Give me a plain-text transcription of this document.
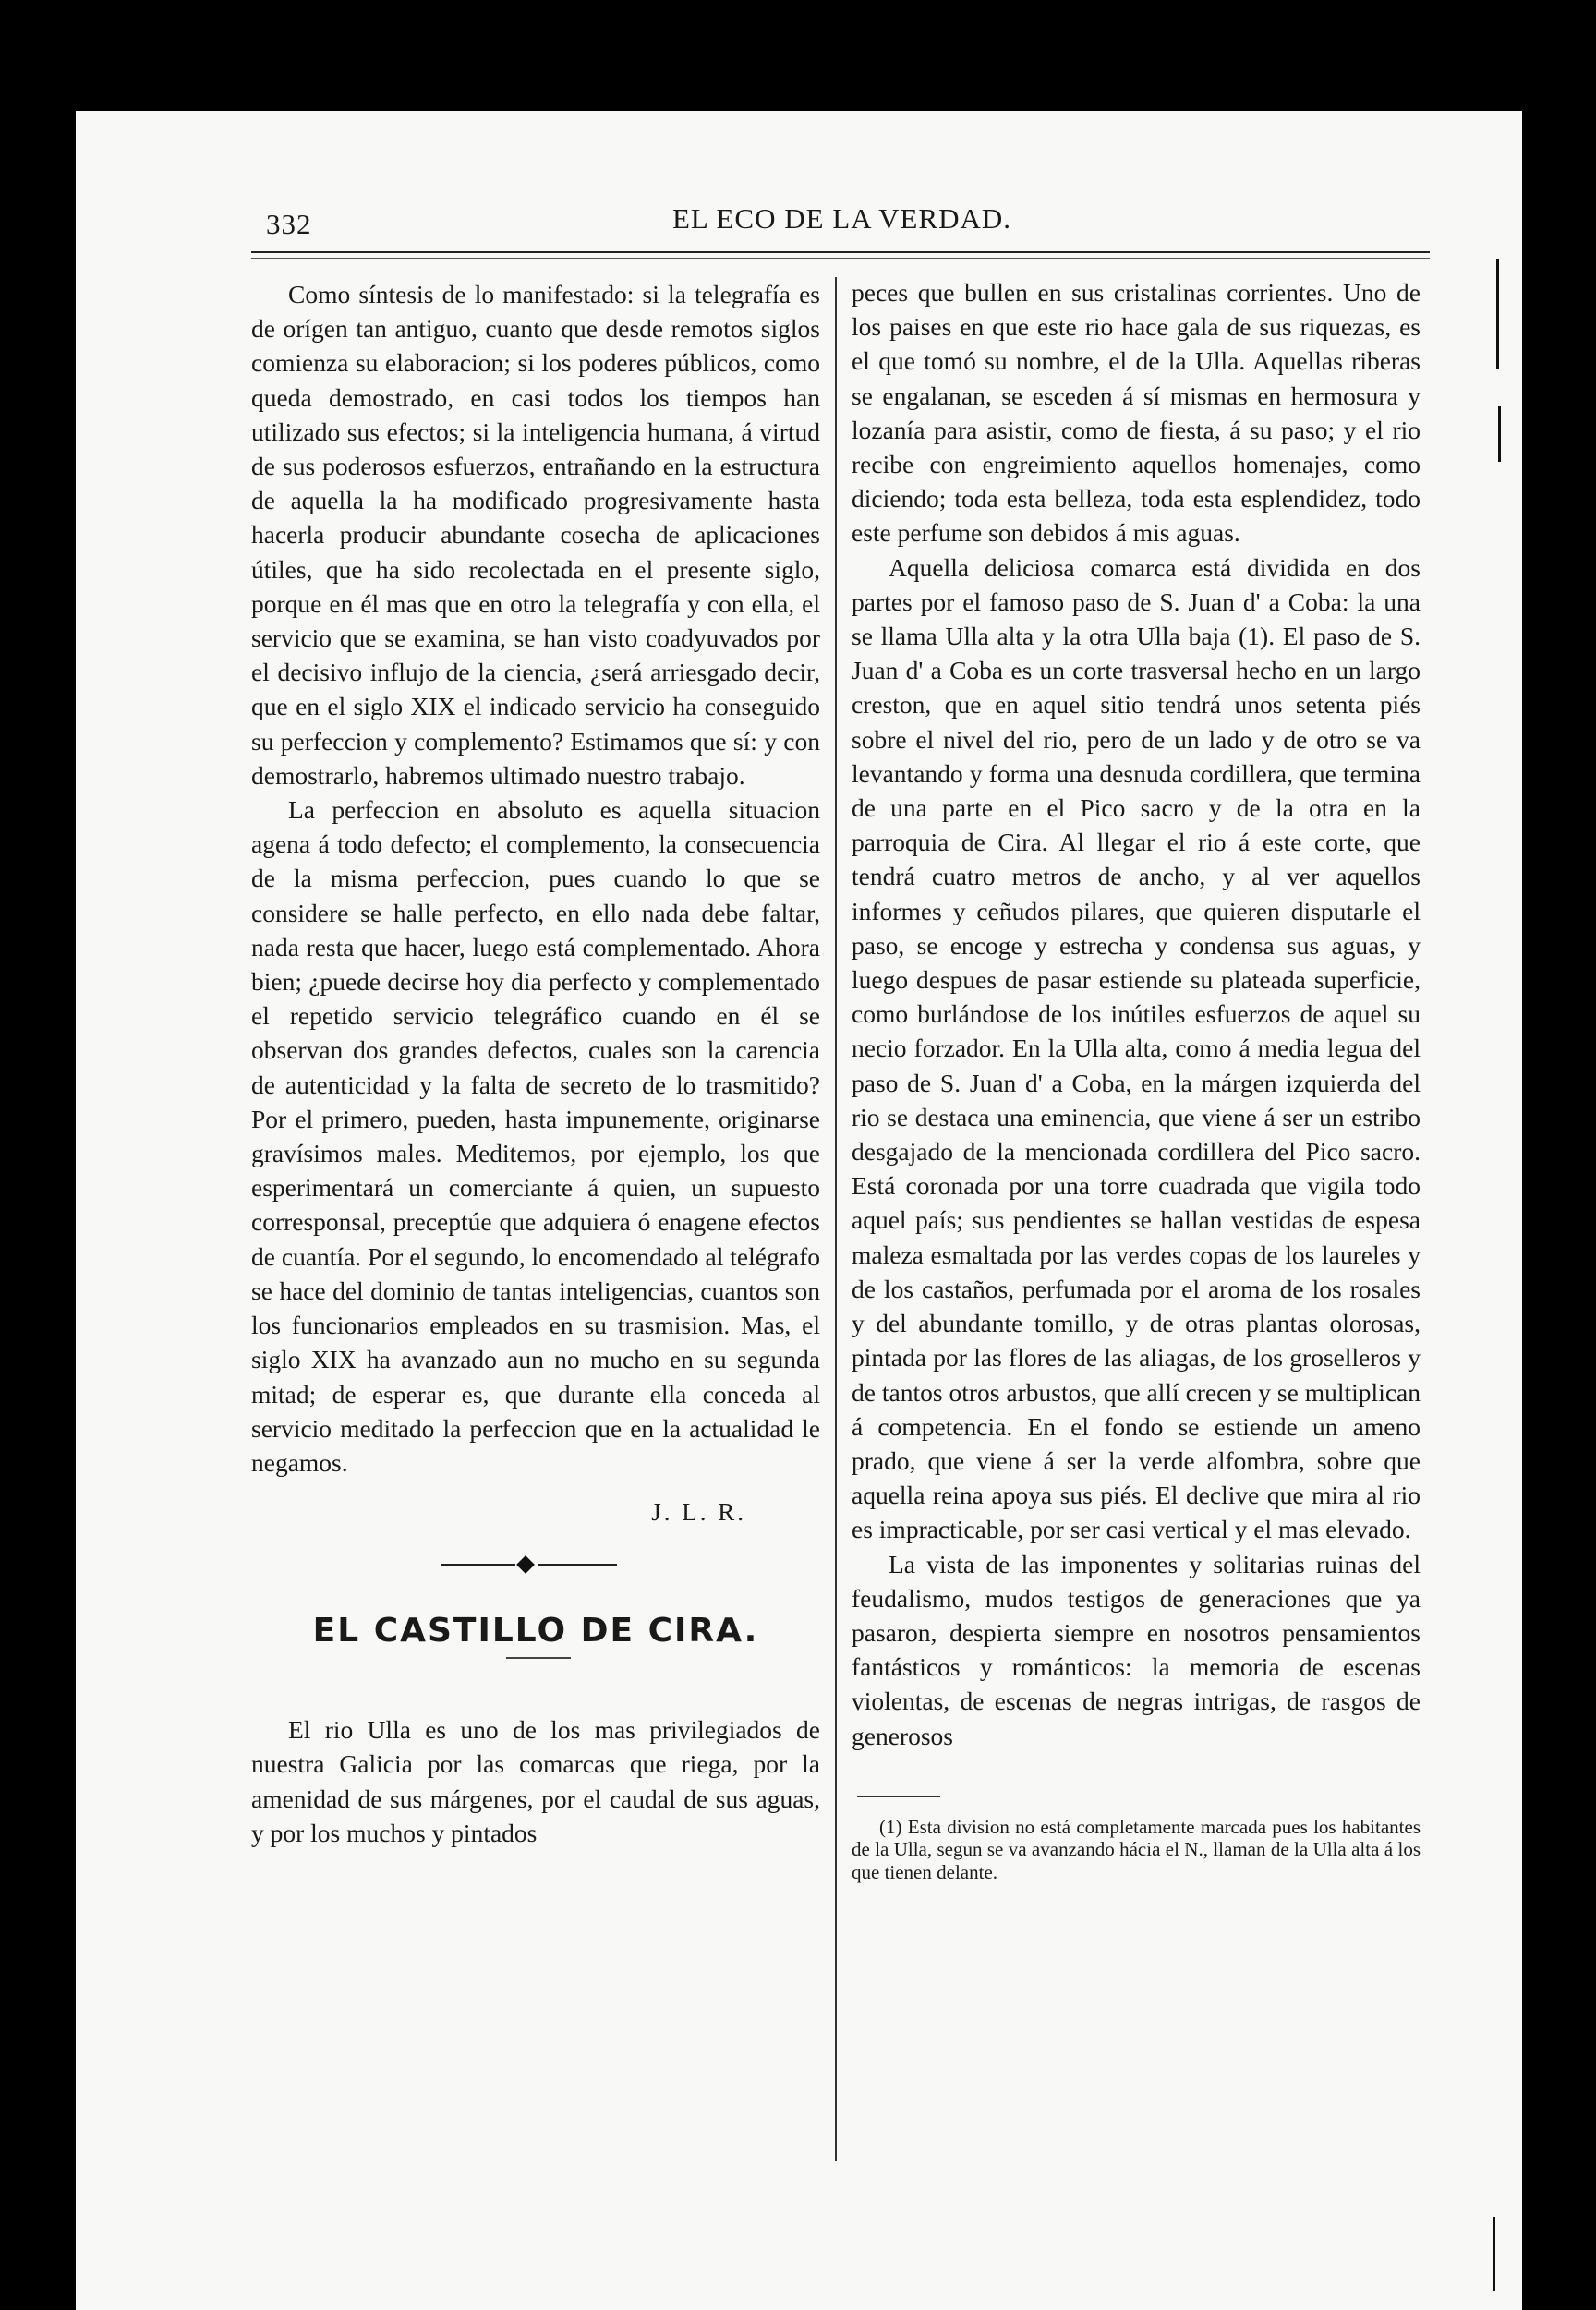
332	EL ECO DE LA VERDAD.

Como síntesis de lo manifestado: si la telegrafía es de orígen tan antiguo, cuanto que desde remotos siglos comienza su elaboracion; si los poderes públicos, como queda demostrado, en casi todos los tiempos han utilizado sus efectos; si la inteligencia humana, á virtud de sus poderosos esfuerzos, entrañando en la estructura de aquella la ha modificado progresivamente hasta hacerla producir abundante cosecha de aplicaciones útiles, que ha sido recolectada en el presente siglo, porque en él mas que en otro la telegrafía y con ella, el servicio que se examina, se han visto coadyuvados por el decisivo influjo de la ciencia, ¿será arriesgado decir, que en el siglo XIX el indicado servicio ha conseguido su perfeccion y complemento? Estimamos que sí: y con demostrarlo, habremos ultimado nuestro trabajo.

La perfeccion en absoluto es aquella situacion agena á todo defecto; el complemento, la consecuencia de la misma perfeccion, pues cuando lo que se considere se halle perfecto, en ello nada debe faltar, nada resta que hacer, luego está complementado. Ahora bien; ¿puede decirse hoy dia perfecto y complementado el repetido servicio telegráfico cuando en él se observan dos grandes defectos, cuales son la carencia de autenticidad y la falta de secreto de lo trasmitido? Por el primero, pueden, hasta impunemente, originarse gravísimos males. Meditemos, por ejemplo, los que esperimentará un comerciante á quien, un supuesto corresponsal, preceptúe que adquiera ó enagene efectos de cuantía. Por el segundo, lo encomendado al telégrafo se hace del dominio de tantas inteligencias, cuantos son los funcionarios empleados en su trasmision. Mas, el siglo XIX ha avanzado aun no mucho en su segunda mitad; de esperar es, que durante ella conceda al servicio meditado la perfeccion que en la actualidad le negamos.

J. L. R.
EL CASTILLO DE CIRA.

El rio Ulla es uno de los mas privilegiados de nuestra Galicia por las comarcas que riega, por la amenidad de sus márgenes, por el caudal de sus aguas, y por los muchos y pintados

peces que bullen en sus cristalinas corrientes. Uno de los paises en que este rio hace gala de sus riquezas, es el que tomó su nombre, el de la Ulla. Aquellas riberas se engalanan, se esceden á sí mismas en hermosura y lozanía para asistir, como de fiesta, á su paso; y el rio recibe con engreimiento aquellos homenajes, como diciendo; toda esta belleza, toda esta esplendidez, todo este perfume son debidos á mis aguas.

Aquella deliciosa comarca está dividida en dos partes por el famoso paso de S. Juan d' a Coba: la una se llama Ulla alta y la otra Ulla baja (1). El paso de S. Juan d' a Coba es un corte trasversal hecho en un largo creston, que en aquel sitio tendrá unos setenta piés sobre el nivel del rio, pero de un lado y de otro se va levantando y forma una desnuda cordillera, que termina de una parte en el Pico sacro y de la otra en la parroquia de Cira. Al llegar el rio á este corte, que tendrá cuatro metros de ancho, y al ver aquellos informes y ceñudos pilares, que quieren disputarle el paso, se encoge y estrecha y condensa sus aguas, y luego despues de pasar estiende su plateada superficie, como burlándose de los inútiles esfuerzos de aquel su necio forzador. En la Ulla alta, como á media legua del paso de S. Juan d' a Coba, en la márgen izquierda del rio se destaca una eminencia, que viene á ser un estribo desgajado de la mencionada cordillera del Pico sacro. Está coronada por una torre cuadrada que vigila todo aquel país; sus pendientes se hallan vestidas de espesa maleza esmaltada por las verdes copas de los laureles y de los castaños, perfumada por el aroma de los rosales y del abundante tomillo, y de otras plantas olorosas, pintada por las flores de las aliagas, de los groselleros y de tantos otros arbustos, que allí crecen y se multiplican á competencia. En el fondo se estiende un ameno prado, que viene á ser la verde alfombra, sobre que aquella reina apoya sus piés. El declive que mira al rio es impracticable, por ser casi vertical y el mas elevado.

La vista de las imponentes y solitarias ruinas del feudalismo, mudos testigos de generaciones que ya pasaron, despierta siempre en nosotros pensamientos fantásticos y románticos: la memoria de escenas violentas, de escenas de negras intrigas, de rasgos de generosos

(1) Esta division no está completamente marcada pues los habitantes de la Ulla, segun se va avanzando hácia el N., llaman de la Ulla alta á los que tienen delante.
